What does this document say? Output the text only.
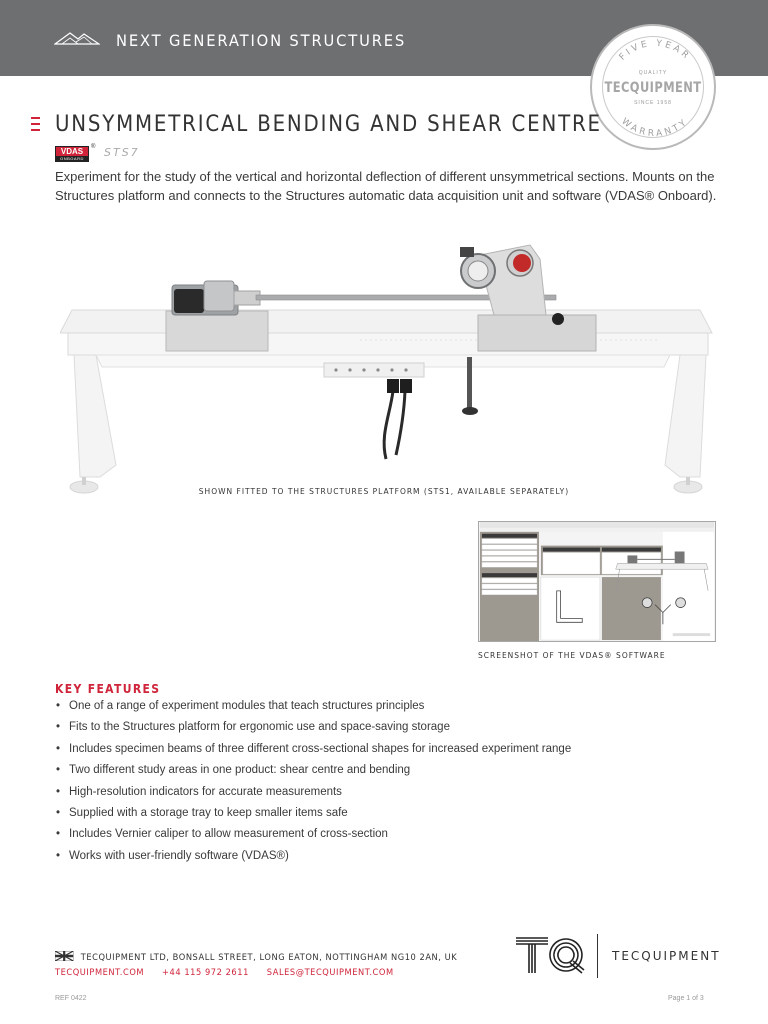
NEXT GENERATION STRUCTURES
FIVE YEAR
WARRANTY
QUALITY
TECQUIPMENT
SINCE 1958
UNSYMMETRICAL BENDING AND SHEAR CENTRE
VDAS
ONBOARD
® STS7

Experiment for the study of the vertical and horizontal deflection of different unsymmetrical sections. Mounts on the Structures platform and connects to the Structures automatic data acquisition unit and software (VDAS® Onboard).

SHOWN FITTED TO THE STRUCTURES PLATFORM (STS1, AVAILABLE SEPARATELY)
SCREENSHOT OF THE VDAS® SOFTWARE
KEY FEATURES
• One of a range of experiment modules that teach structures principles
• Fits to the Structures platform for ergonomic use and space-saving storage
• Includes specimen beams of three different cross-sectional shapes for increased experiment range
• Two different study areas in one product: shear centre and bending
• High-resolution indicators for accurate measurements
• Supplied with a storage tray to keep smaller items safe
• Includes Vernier caliper to allow measurement of cross-section
• Works with user-friendly software (VDAS®)
TECQUIPMENT LTD, BONSALL STREET, LONG EATON, NOTTINGHAM NG10 2AN, UK
TECQUIPMENT.COM +44 115 972 2611 SALES@TECQUIPMENT.COM
TECQUIPMENT
REF 0422	Page 1 of 3
